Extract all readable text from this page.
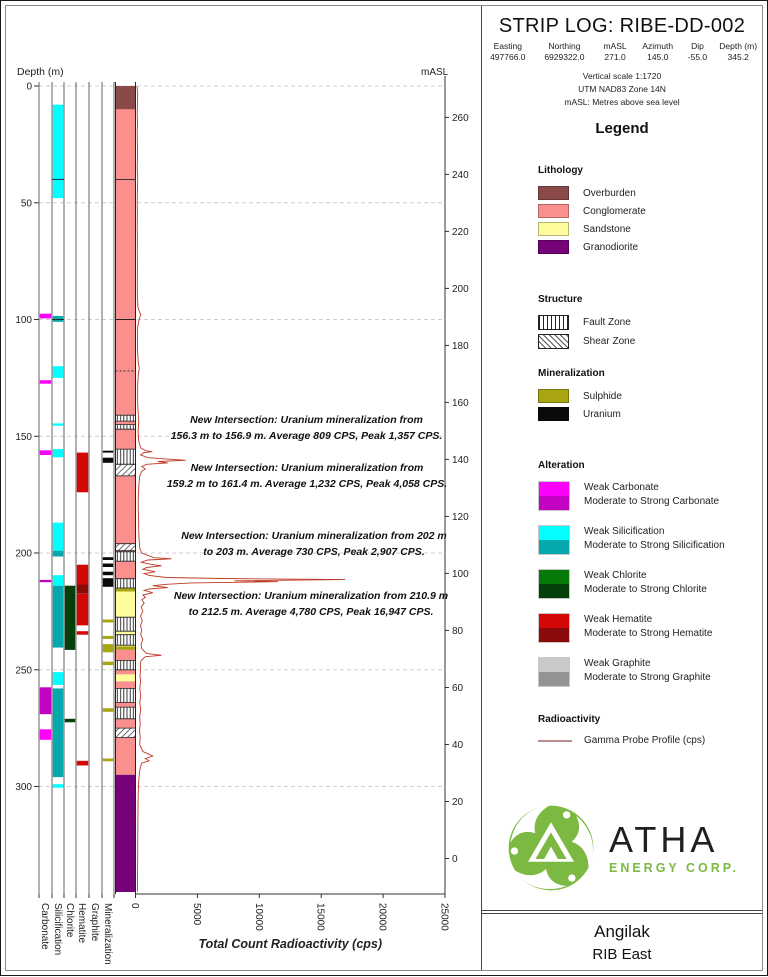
0
50
100
150
200
250
300
260
240
220
200
180
160
140
120
100
80
60
40
20
0
0	5000	10000	15000	20000	25000
Total Count Radioactivity (cps)
Carbonate Silicification Chlorite Hematite Graphite Mineralization
Depth (m)	mASL
New Intersection: Uranium mineralization from
156.3 m to 156.9 m. Average 809 CPS, Peak 1,357 CPS.
New Intersection: Uranium mineralization from
159.2 m to 161.4 m. Average 1,232 CPS, Peak 4,058 CPS.
New Intersection: Uranium mineralization from 202 m
to 203 m. Average 730 CPS, Peak 2,907 CPS.
New Intersection: Uranium mineralization from 210.9 m
to 212.5 m. Average 4,780 CPS, Peak 16,947 CPS.
STRIP LOG: RIBE-DD-002
Easting
497766.0
Northing
6929322.0
mASL
271.0
Azimuth
145.0
Dip
-55.0
Depth (m)
345.2
Vertical scale 1:1720
UTM NAD83 Zone 14N
mASL: Metres above sea level
Legend
Lithology
Overburden
Conglomerate
Sandstone
Granodiorite
Structure
Fault Zone
Shear Zone
Mineralization
Sulphide
Uranium
Alteration
Weak Carbonate
Moderate to Strong Carbonate
Weak Silicification
Moderate to Strong Silicification
Weak Chlorite
Moderate to Strong Chlorite
Weak Hematite
Moderate to Strong Hematite
Weak Graphite
Moderate to Strong Graphite
Radioactivity
Gamma Probe Profile (cps)
ATHA
ENERGY CORP.
Angilak
RIB East
